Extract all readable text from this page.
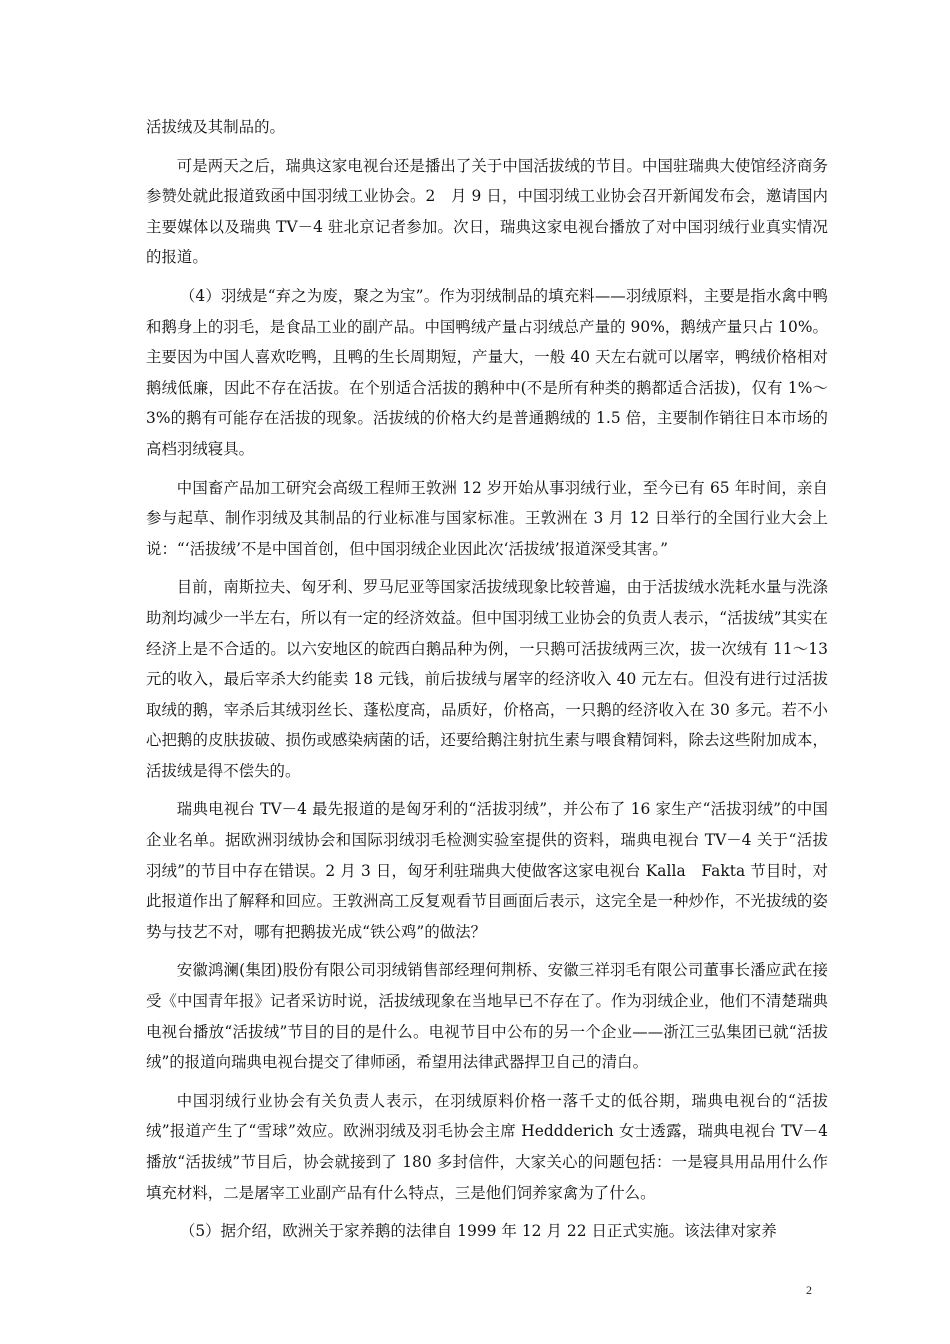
活拔绒及其制品的。

可是两天之后，瑞典这家电视台还是播出了关于中国活拔绒的节目。中国驻瑞典大使馆经济商务参赞处就此报道致函中国羽绒工业协会。2　月 9 日，中国羽绒工业协会召开新闻发布会，邀请国内主要媒体以及瑞典 TV－4 驻北京记者参加。次日，瑞典这家电视台播放了对中国羽绒行业真实情况的报道。

（4）羽绒是“弃之为废，聚之为宝”。作为羽绒制品的填充料——羽绒原料，主要是指水禽中鸭和鹅身上的羽毛，是食品工业的副产品。中国鸭绒产量占羽绒总产量的 90%，鹅绒产量只占 10%。主要因为中国人喜欢吃鸭，且鸭的生长周期短，产量大，一般 40 天左右就可以屠宰，鸭绒价格相对鹅绒低廉，因此不存在活拔。在个别适合活拔的鹅种中(不是所有种类的鹅都适合活拔)，仅有 1%～3%的鹅有可能存在活拔的现象。活拔绒的价格大约是普通鹅绒的 1.5 倍，主要制作销往日本市场的高档羽绒寝具。

中国畜产品加工研究会高级工程师王敦洲 12 岁开始从事羽绒行业，至今已有 65 年时间，亲自参与起草、制作羽绒及其制品的行业标准与国家标准。王敦洲在 3 月 12 日举行的全国行业大会上说：“‘活拔绒’不是中国首创，但中国羽绒企业因此次‘活拔绒’报道深受其害。”

目前，南斯拉夫、匈牙利、罗马尼亚等国家活拔绒现象比较普遍，由于活拔绒水洗耗水量与洗涤助剂均减少一半左右，所以有一定的经济效益。但中国羽绒工业协会的负责人表示，“活拔绒”其实在经济上是不合适的。以六安地区的皖西白鹅品种为例，一只鹅可活拔绒两三次，拔一次绒有 11～13 元的收入，最后宰杀大约能卖 18 元钱，前后拔绒与屠宰的经济收入 40 元左右。但没有进行过活拔取绒的鹅，宰杀后其绒羽丝长、蓬松度高，品质好，价格高，一只鹅的经济收入在 30 多元。若不小心把鹅的皮肤拔破、损伤或感染病菌的话，还要给鹅注射抗生素与喂食精饲料，除去这些附加成本，活拔绒是得不偿失的。

瑞典电视台 TV－4 最先报道的是匈牙利的“活拔羽绒”，并公布了 16 家生产“活拔羽绒”的中国企业名单。据欧洲羽绒协会和国际羽绒羽毛检测实验室提供的资料，瑞典电视台 TV－4 关于“活拔羽绒”的节目中存在错误。2 月 3 日，匈牙利驻瑞典大使做客这家电视台 Kalla　Fakta 节目时，对此报道作出了解释和回应。王敦洲高工反复观看节目画面后表示，这完全是一种炒作，不光拔绒的姿势与技艺不对，哪有把鹅拔光成“铁公鸡”的做法？

安徽鸿澜(集团)股份有限公司羽绒销售部经理何荆桥、安徽三祥羽毛有限公司董事长潘应武在接受《中国青年报》记者采访时说，活拔绒现象在当地早已不存在了。作为羽绒企业，他们不清楚瑞典电视台播放“活拔绒”节目的目的是什么。电视节目中公布的另一个企业——浙江三弘集团已就“活拔绒”的报道向瑞典电视台提交了律师函，希望用法律武器捍卫自己的清白。

中国羽绒行业协会有关负责人表示，在羽绒原料价格一落千丈的低谷期，瑞典电视台的“活拔绒”报道产生了“雪球”效应。欧洲羽绒及羽毛协会主席 Heddderich 女士透露，瑞典电视台 TV－4 播放“活拔绒”节目后，协会就接到了 180 多封信件，大家关心的问题包括：一是寝具用品用什么作填充材料，二是屠宰工业副产品有什么特点，三是他们饲养家禽为了什么。

（5）据介绍，欧洲关于家养鹅的法律自 1999 年 12 月 22 日正式实施。该法律对家养

2
